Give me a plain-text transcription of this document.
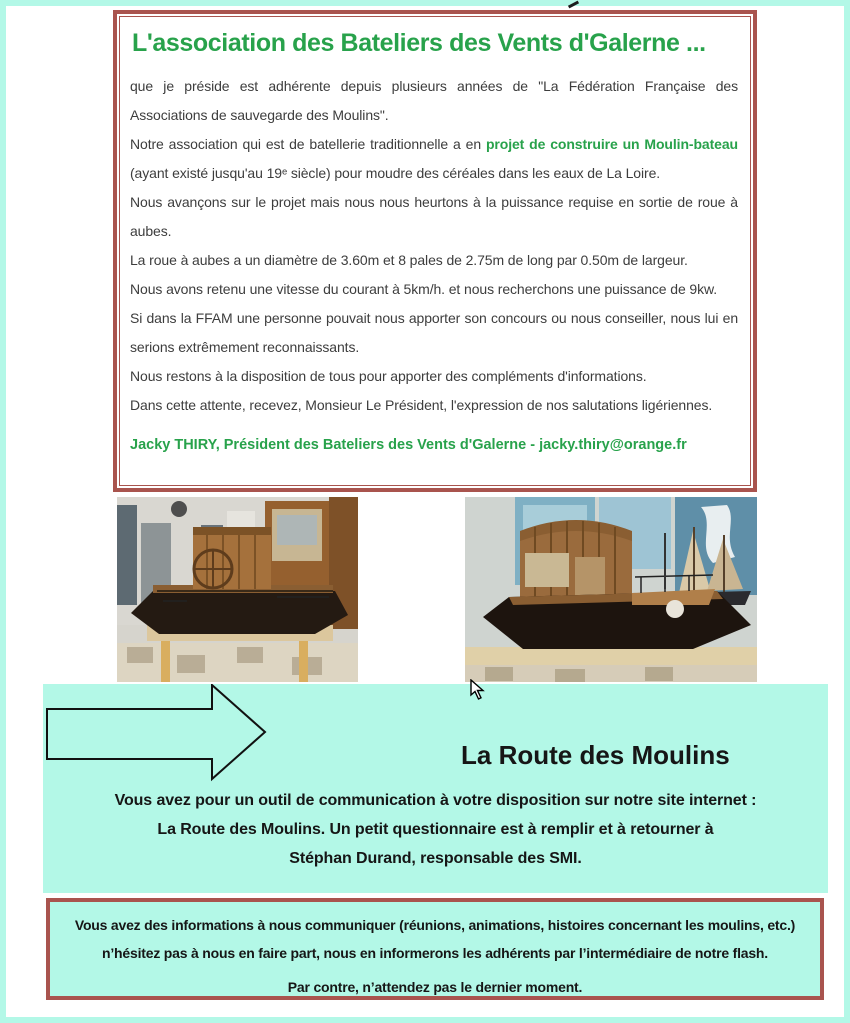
L'association des Bateliers des Vents d'Galerne ...

que je préside est adhérente depuis plusieurs années de "La Fédération Française des Associations de sauvegarde des Moulins".

Notre association qui est de batellerie traditionnelle a en projet de construire un Moulin-bateau (ayant existé jusqu'au 19ᵉ siècle) pour moudre des céréales dans les eaux de La Loire.

Nous avançons sur le projet mais nous nous heurtons à la puissance requise en sortie de roue à aubes.

La roue à aubes a un diamètre de 3.60m et 8 pales de 2.75m de long par 0.50m de largeur.

Nous avons retenu une vitesse du courant à 5km/h. et nous recherchons une puissance de 9kw.

Si dans la FFAM une personne pouvait nous apporter son concours ou nous conseiller, nous lui en serions extrêmement reconnaissants.

Nous restons à la disposition de tous pour apporter des compléments d'informations.

Dans cette attente, recevez, Monsieur Le Président, l'expression de nos salutations ligériennes.

Jacky THIRY, Président des Bateliers des Vents d'Galerne - jacky.thiry@orange.fr
La Route des Moulins
Vous avez pour un outil de communication à votre disposition sur notre site internet :
La Route des Moulins. Un petit questionnaire est à remplir et à retourner à
Stéphan Durand, responsable des SMI.
Vous avez des informations à nous communiquer (réunions, animations, histoires concernant les moulins, etc.)
n’hésitez pas à nous en faire part, nous en informerons les adhérents par l’intermédiaire de notre flash.
Par contre, n’attendez pas le dernier moment.
